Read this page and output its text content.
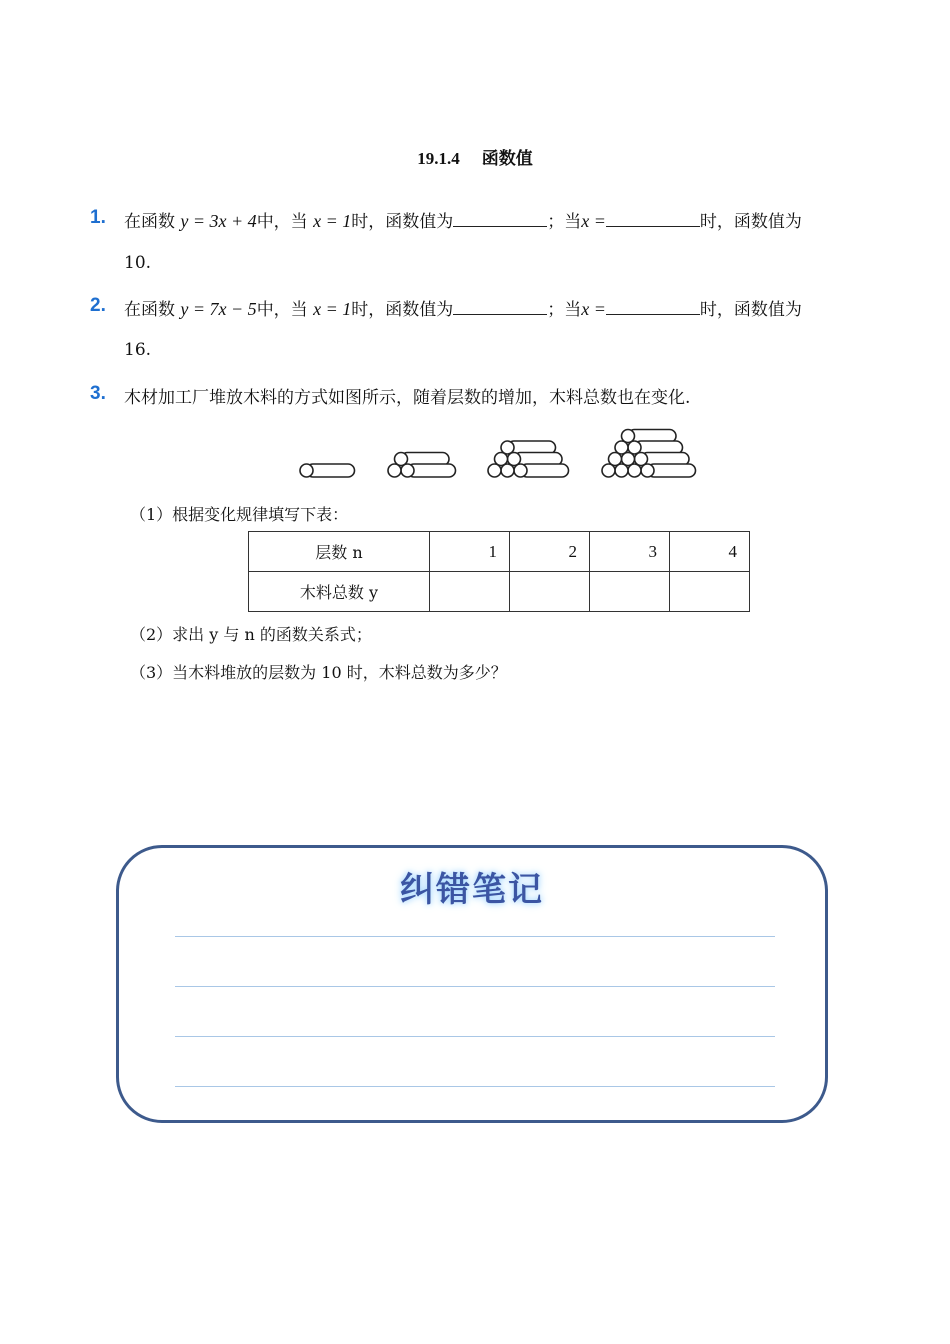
19.1.4 函数值
1. 在函数 y = 3x + 4中，当 x = 1时，函数值为	；当x =	时，函数值为
10.
2. 在函数 y = 7x − 5中，当 x = 1时，函数值为	；当x =	时，函数值为
16.
3. 木材加工厂堆放木料的方式如图所示，随着层数的增加，木料总数也在变化.
（1）根据变化规律填写下表：
层数 n	1	2	3	4
木料总数 y				
（2）求出 y 与 n 的函数关系式；
（3）当木料堆放的层数为 10 时，木料总数为多少？
纠错笔记
